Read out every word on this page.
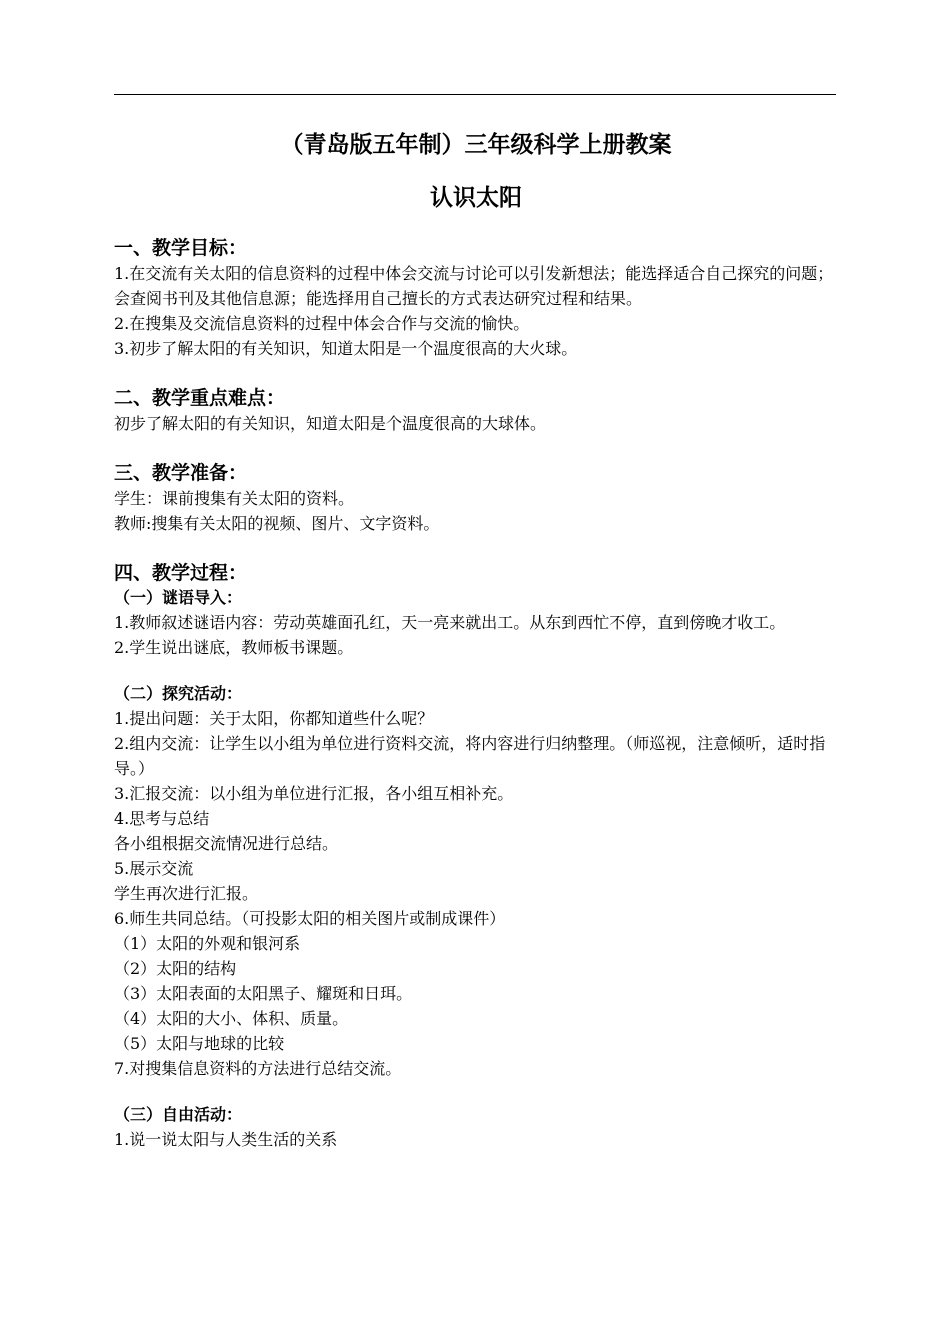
（青岛版五年制）三年级科学上册教案
认识太阳
一、教学目标：
1.在交流有关太阳的信息资料的过程中体会交流与讨论可以引发新想法；能选择适合自己探究的问题；会查阅书刊及其他信息源；能选择用自己擅长的方式表达研究过程和结果。
2.在搜集及交流信息资料的过程中体会合作与交流的愉快。
3.初步了解太阳的有关知识，知道太阳是一个温度很高的大火球。
二、教学重点难点：
初步了解太阳的有关知识，知道太阳是个温度很高的大球体。
三、教学准备：
学生：课前搜集有关太阳的资料。
教师:搜集有关太阳的视频、图片、文字资料。
四、教学过程：
（一）谜语导入：
1.教师叙述谜语内容：劳动英雄面孔红，天一亮来就出工。从东到西忙不停，直到傍晚才收工。
2.学生说出谜底，教师板书课题。
（二）探究活动：
1.提出问题：关于太阳，你都知道些什么呢？
2.组内交流：让学生以小组为单位进行资料交流，将内容进行归纳整理。（师巡视，注意倾听，适时指导。）
3.汇报交流：以小组为单位进行汇报，各小组互相补充。
4.思考与总结
各小组根据交流情况进行总结。
5.展示交流
学生再次进行汇报。
6.师生共同总结。（可投影太阳的相关图片或制成课件）
（1）太阳的外观和银河系
（2）太阳的结构
（3）太阳表面的太阳黑子、耀斑和日珥。
（4）太阳的大小、体积、质量。
（5）太阳与地球的比较
7.对搜集信息资料的方法进行总结交流。
（三）自由活动：
1.说一说太阳与人类生活的关系
